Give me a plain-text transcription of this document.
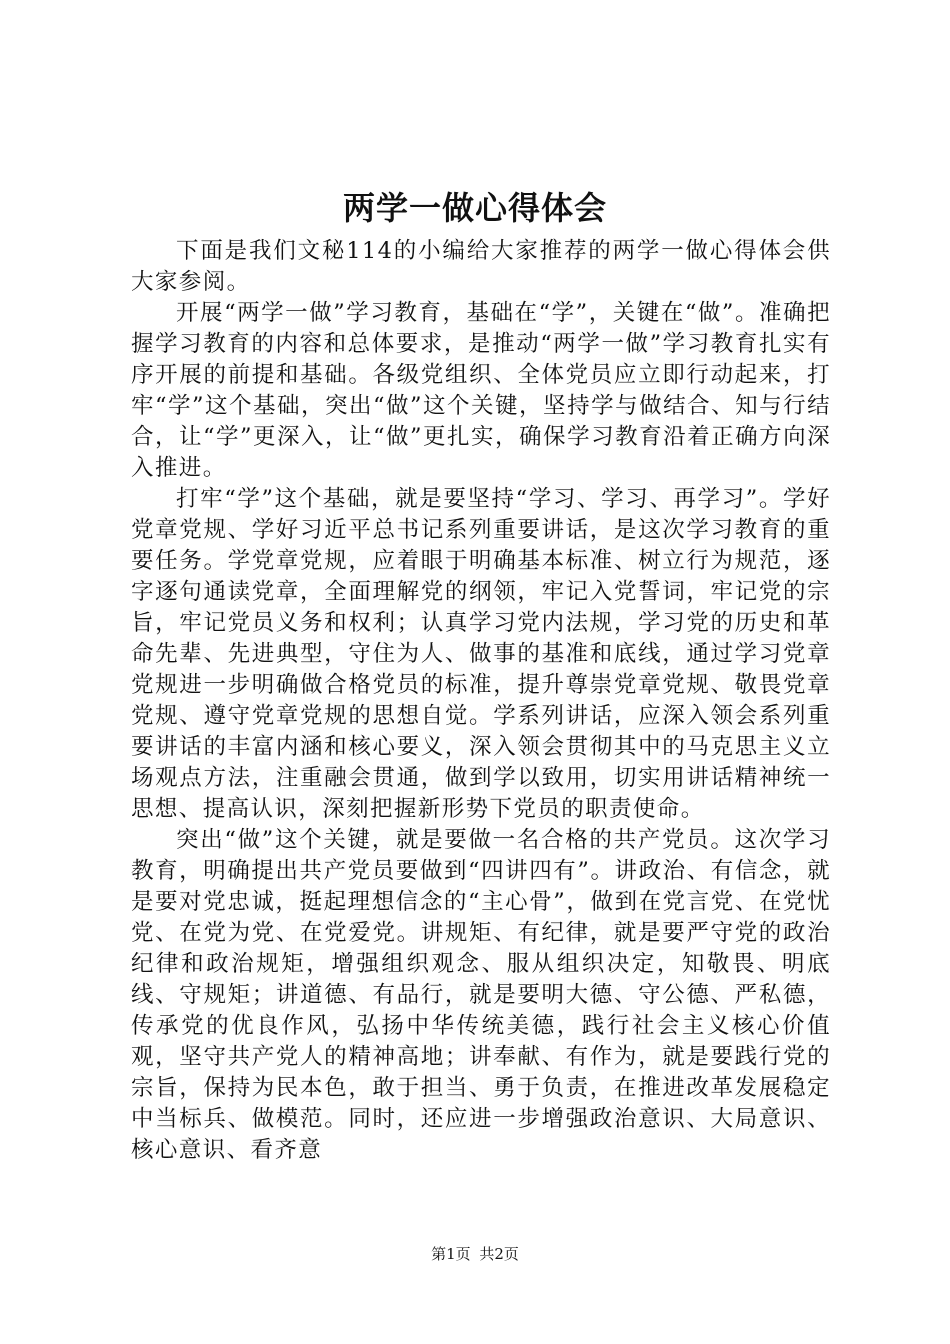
两学一做心得体会

下面是我们文秘114的小编给大家推荐的两学一做心得体会供大家参阅。

开展“两学一做”学习教育，基础在“学”，关键在“做”。准确把握学习教育的内容和总体要求，是推动“两学一做”学习教育扎实有序开展的前提和基础。各级党组织、全体党员应立即行动起来，打牢“学”这个基础，突出“做”这个关键，坚持学与做结合、知与行结合，让“学”更深入，让“做”更扎实，确保学习教育沿着正确方向深入推进。

打牢“学”这个基础，就是要坚持“学习、学习、再学习”。学好党章党规、学好习近平总书记系列重要讲话，是这次学习教育的重要任务。学党章党规，应着眼于明确基本标准、树立行为规范，逐字逐句通读党章，全面理解党的纲领，牢记入党誓词，牢记党的宗旨，牢记党员义务和权利；认真学习党内法规，学习党的历史和革命先辈、先进典型，守住为人、做事的基准和底线，通过学习党章党规进一步明确做合格党员的标准，提升尊崇党章党规、敬畏党章党规、遵守党章党规的思想自觉。学系列讲话，应深入领会系列重要讲话的丰富内涵和核心要义，深入领会贯彻其中的马克思主义立场观点方法，注重融会贯通，做到学以致用，切实用讲话精神统一思想、提高认识，深刻把握新形势下党员的职责使命。

突出“做”这个关键，就是要做一名合格的共产党员。这次学习教育，明确提出共产党员要做到“四讲四有”。讲政治、有信念，就是要对党忠诚，挺起理想信念的“主心骨”，做到在党言党、在党忧党、在党为党、在党爱党。讲规矩、有纪律，就是要严守党的政治纪律和政治规矩，增强组织观念、服从组织决定，知敬畏、明底线、守规矩；讲道德、有品行，就是要明大德、守公德、严私德，传承党的优良作风，弘扬中华传统美德，践行社会主义核心价值观，坚守共产党人的精神高地；讲奉献、有作为，就是要践行党的宗旨，保持为民本色，敢于担当、勇于负责，在推进改革发展稳定中当标兵、做模范。同时，还应进一步增强政治意识、大局意识、核心意识、看齐意

第1页 共2页
